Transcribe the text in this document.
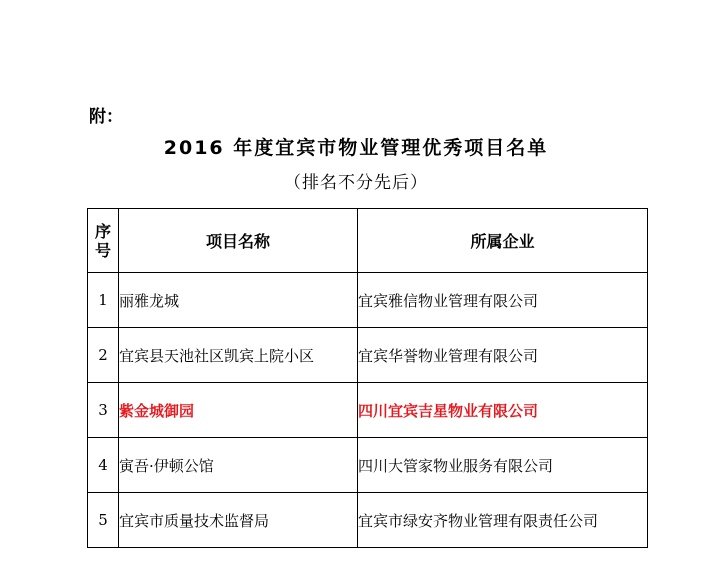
附：
2016 年度宜宾市物业管理优秀项目名单
（排名不分先后）
序
号	项目名称	所属企业
1	丽雅龙城	宜宾雅信物业管理有限公司
2	宜宾县天池社区凯宾上院小区	宜宾华誉物业管理有限公司
3	紫金城御园	四川宜宾吉星物业有限公司
4	寅吾·伊顿公馆	四川大管家物业服务有限公司
5	宜宾市质量技术监督局	宜宾市绿安齐物业管理有限责任公司
